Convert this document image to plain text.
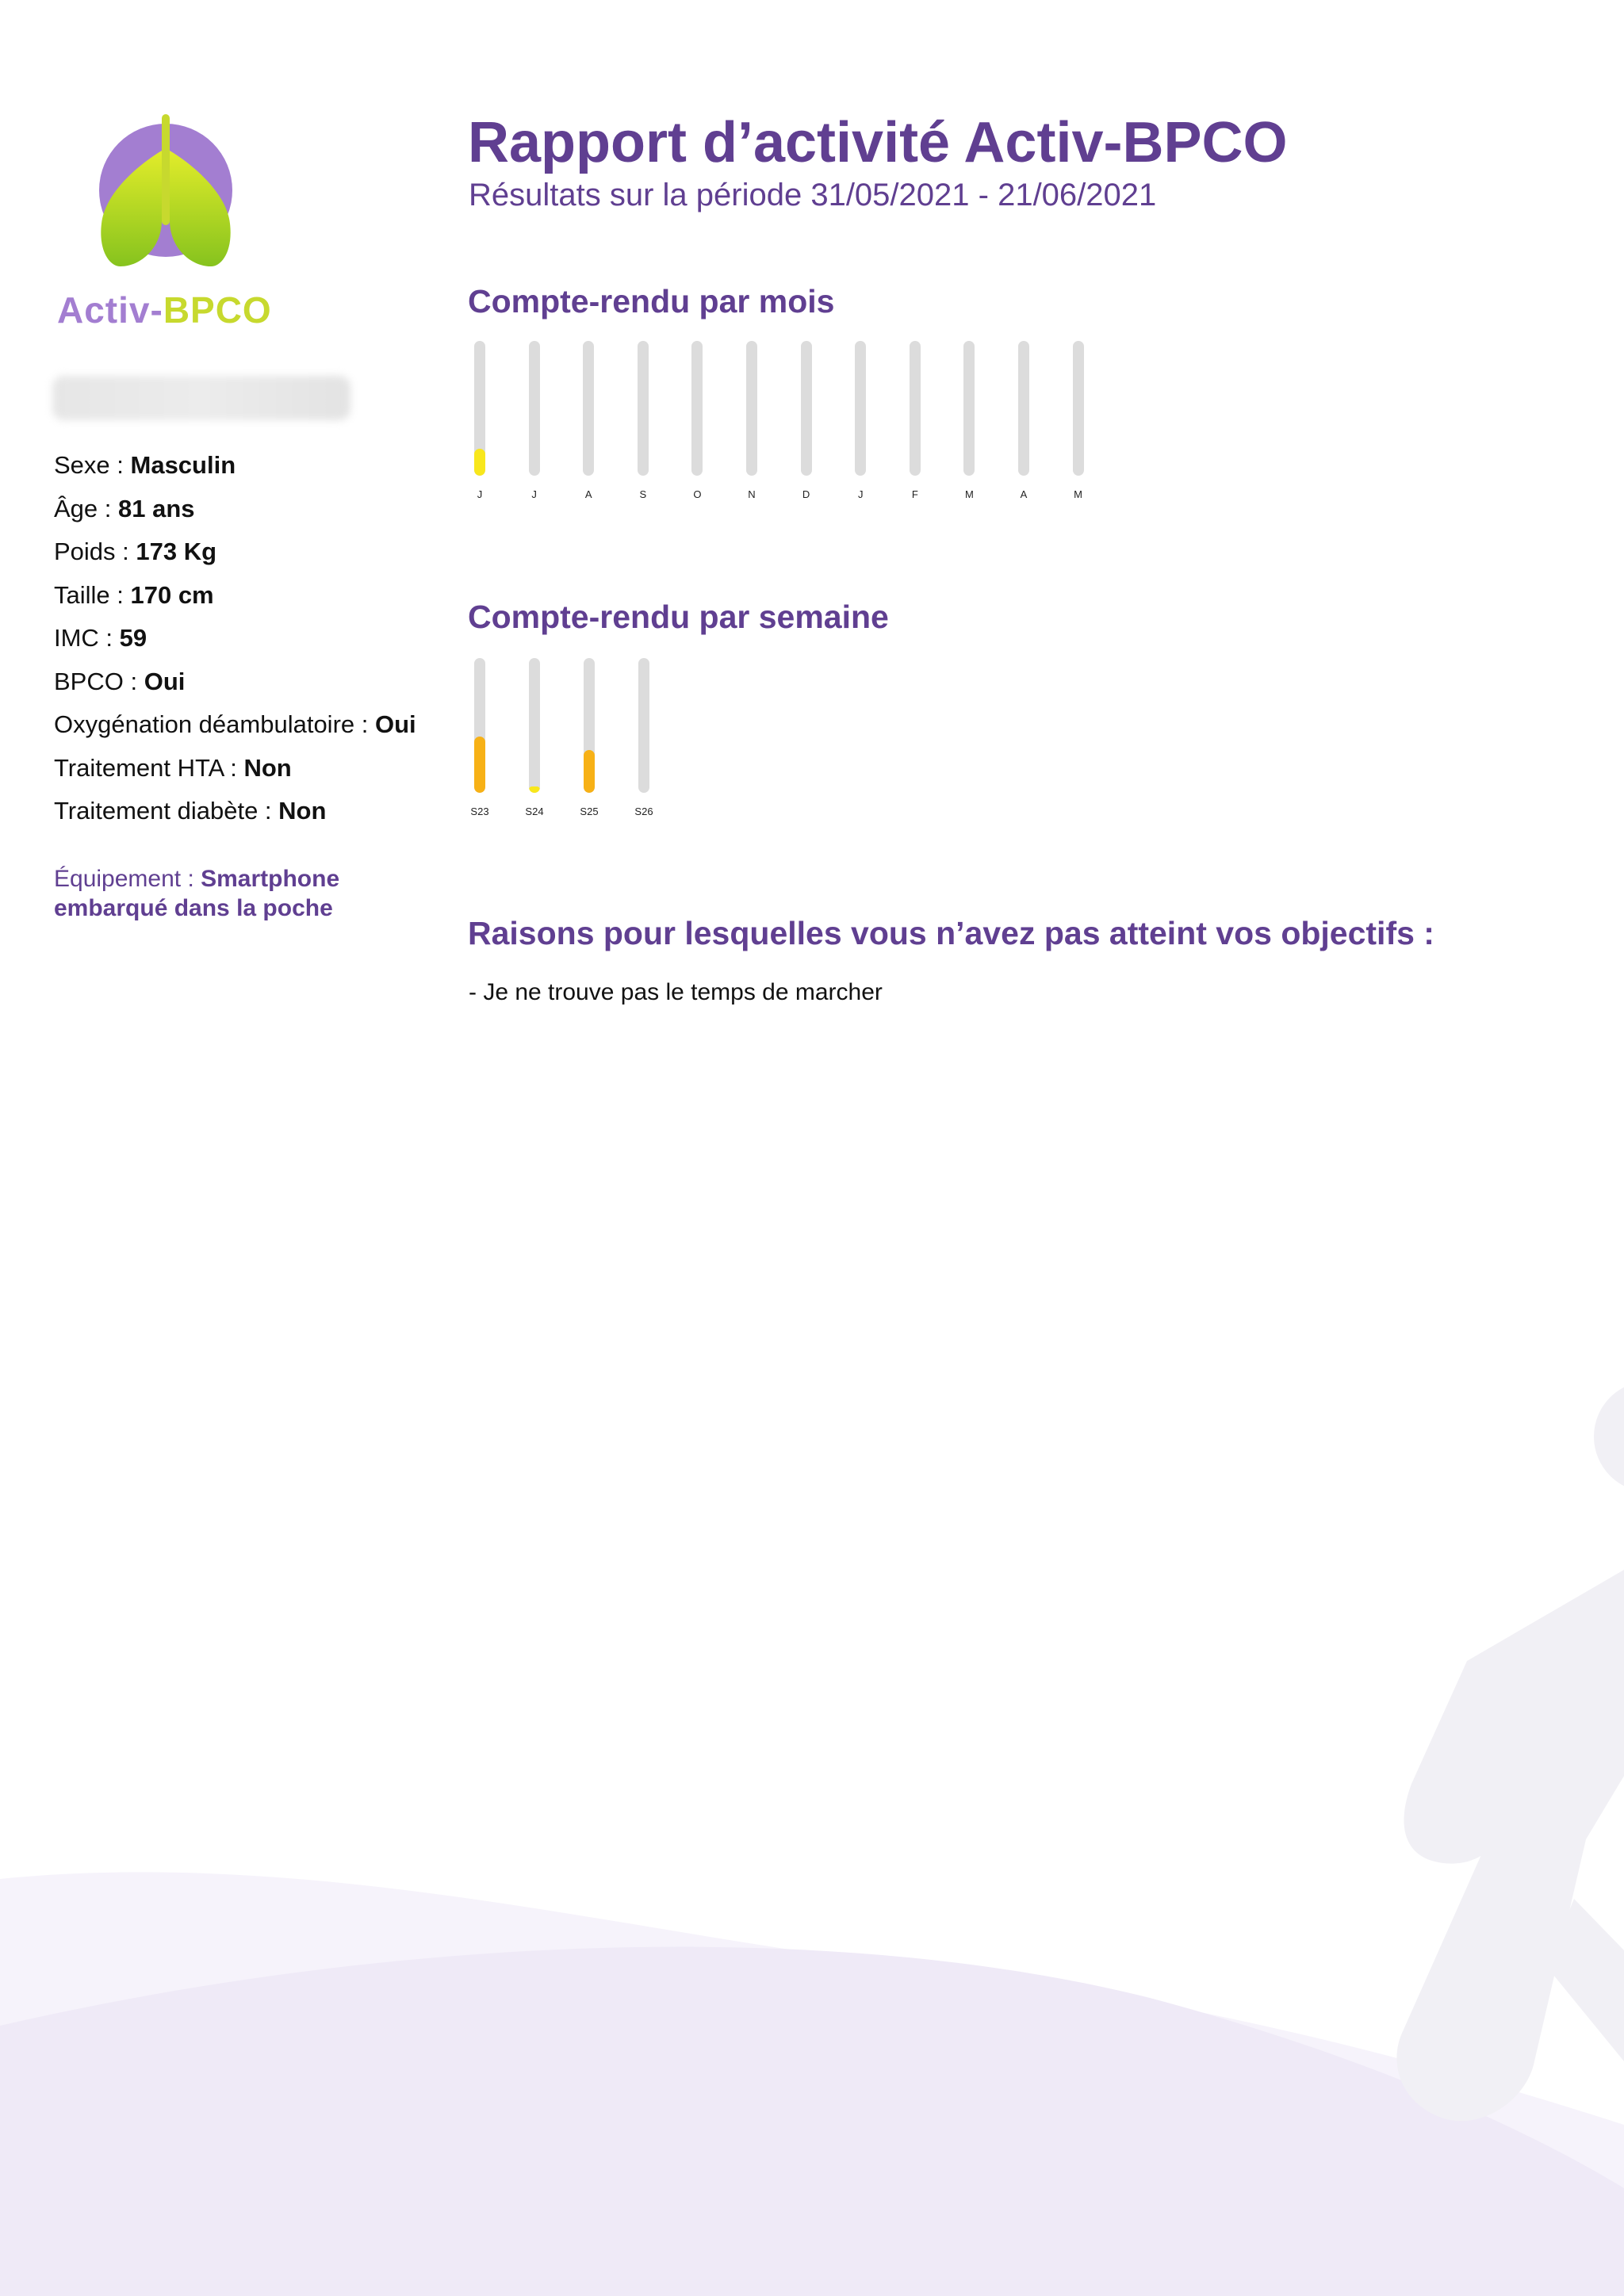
Activ-BPCO
Sexe : Masculin
Âge : 81 ans
Poids : 173 Kg
Taille : 170 cm
IMC : 59
BPCO : Oui
Oxygénation déambulatoire : Oui
Traitement HTA : Non
Traitement diabète : Non
Équipement : Smartphone embarqué dans la poche
Rapport d’activité Activ-BPCO
Résultats sur la période 31/05/2021 - 21/06/2021
Compte-rendu par mois
J	J	A	S	O	N	D	J	F	M	A	M
Compte-rendu par semaine
S23	S24	S25	S26
Raisons pour lesquelles vous n’avez pas atteint vos objectifs :
- Je ne trouve pas le temps de marcher
